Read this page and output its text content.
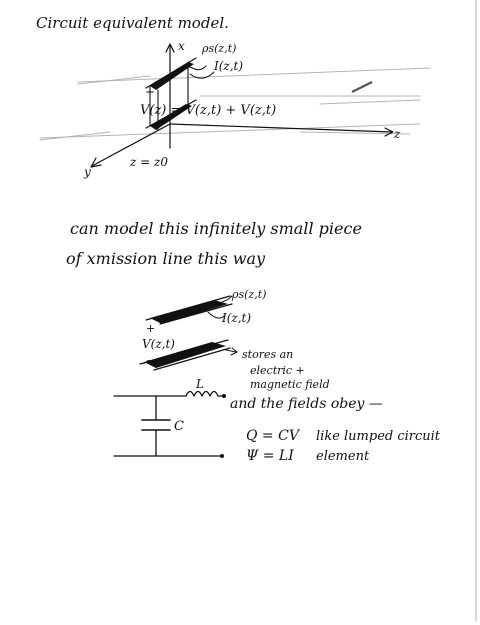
Circuit equivalent model.
x
z
y
ρs(z,t)
I(z,t)
+
V(z) = V(z,t) + V(z,t)
z = z0
can model this infinitely small piece
of xmission line this way
ρs(z,t)
I(z,t)
+
V(z,t)
−	stores an
electric +
magnetic field
L
C
and the fields obey —
Q = CV
Ψ = LI
like lumped circuit
element
